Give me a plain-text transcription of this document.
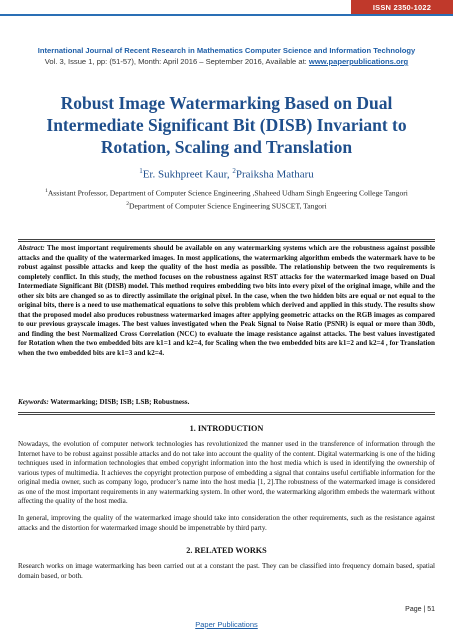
ISSN 2350-1022
International Journal of Recent Research in Mathematics Computer Science and Information Technology
Vol. 3, Issue 1, pp: (51-57), Month: April 2016 – September 2016, Available at: www.paperpublications.org
Robust Image Watermarking Based on Dual Intermediate Significant Bit (DISB) Invariant to Rotation, Scaling and Translation
$^1$Er. Sukhpreet Kaur, $^2$Praiksha Matharu
$^1$Assistant Professor, Department of Computer Science Engineering ,Shaheed Udham Singh Engeering College Tangori
$^2$Department of Computer Science Engineering SUSCET, Tangori
Abstract: The most important requirements should be available on any watermarking systems which are the robustness against possible attacks and the quality of the watermarked images. In most applications, the watermarking algorithm embeds the watermark have to be robust against possible attacks and keep the quality of the host media as possible. The relationship between the two requirements is completely conflict. In this study, the method focuses on the robustness against RST attacks for the watermarked image based on Dual Intermediate Significant Bit (DISB) model. This method requires embedding two bits into every pixel of the original image, while and the other six bits are changed so as to directly assimilate the original pixel. In the case, when the two hidden bits are equal or not equal to the original bits, there is a need to use mathematical equations to solve this problem which derived and applied in this study. The results show that the proposed model also produces robustness watermarked images after applying geometric attacks on the RGB images as compared to our previous grayscale images. The best values investigated when the Peak Signal to Noise Ratio (PSNR) is equal or more than 30db, and finding the best Normalized Cross Correlation (NCC) to evaluate the image resistance against attacks. The best values investigated for Rotation when the two embedded bits are k1=1 and k2=4, for Scaling when the two embedded bits are k1=2 and k2=4 , for Translation when the two embedded bits are k1=3 and k2=4.
Keywords: Watermarking; DISB; ISB; LSB; Robustness.
1. INTRODUCTION
Nowadays, the evolution of computer network technologies has revolutionized the manner used in the transference of information through the Internet have to be robust against possible attacks and do not take into account the quality of the content. Digital watermarking is one of the hiding techniques used in information technologies that embed copyright information into the host media which is used in identifying the ownership of various types of multimedia. It achieves the copyright protection purpose of embedding a signal that contains useful certifiable information for the original media owner, such as company logo, producer’s name into the host media [1, 2].The robustness of the watermarked image is considered as one of the most important requirements in any watermarking system. In other word, the watermarking algorithm embeds the watermark without affecting the quality of the host media.
In general, improving the quality of the watermarked image should take into consideration the other requirements, such as the resistance against attacks and the distortion for watermarked image should be impenetrable by third party.
2. RELATED WORKS
Research works on image watermarking has been carried out at a constant the past. They can be classified into frequency domain based, spatial domain based, or both.
Page | 51
Paper Publications
